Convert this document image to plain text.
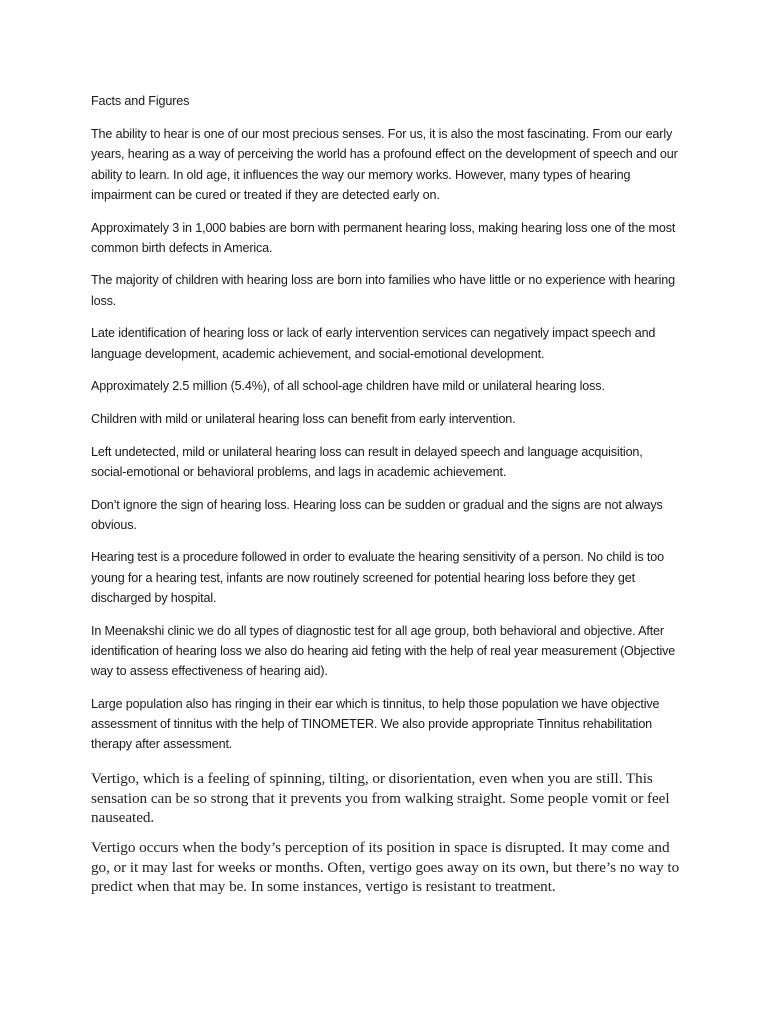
Facts and Figures

The ability to hear is one of our most precious senses. For us, it is also the most fascinating. From our early years, hearing as a way of perceiving the world has a profound effect on the development of speech and our ability to learn. In old age, it influences the way our memory works. However, many types of hearing impairment can be cured or treated if they are detected early on.

Approximately 3 in 1,000 babies are born with permanent hearing loss, making hearing loss one of the most common birth defects in America.

The majority of children with hearing loss are born into families who have little or no experience with hearing loss.

Late identification of hearing loss or lack of early intervention services can negatively impact speech and language development, academic achievement, and social-emotional development.

Approximately 2.5 million (5.4%), of all school-age children have mild or unilateral hearing loss.

Children with mild or unilateral hearing loss can benefit from early intervention.

Left undetected, mild or unilateral hearing loss can result in delayed speech and language acquisition, social-emotional or behavioral problems, and lags in academic achievement.

Don’t ignore the sign of hearing loss. Hearing loss can be sudden or gradual and the signs are not always obvious.

Hearing test is a procedure followed in order to evaluate the hearing sensitivity of a person. No child is too young for a hearing test, infants are now routinely screened for potential hearing loss before they get discharged by hospital.

In Meenakshi clinic we do all types of diagnostic test for all age group, both behavioral and objective. After identification of hearing loss we also do hearing aid feting with the help of real year measurement (Objective way to assess effectiveness of hearing aid).

Large population also has ringing in their ear which is tinnitus, to help those population we have objective assessment of tinnitus with the help of TINOMETER. We also provide appropriate Tinnitus rehabilitation therapy after assessment.

Vertigo, which is a feeling of spinning, tilting, or disorientation, even when you are still. This sensation can be so strong that it prevents you from walking straight. Some people vomit or feel nauseated.

Vertigo occurs when the body’s perception of its position in space is disrupted. It may come and go, or it may last for weeks or months. Often, vertigo goes away on its own, but there’s no way to predict when that may be. In some instances, vertigo is resistant to treatment.
